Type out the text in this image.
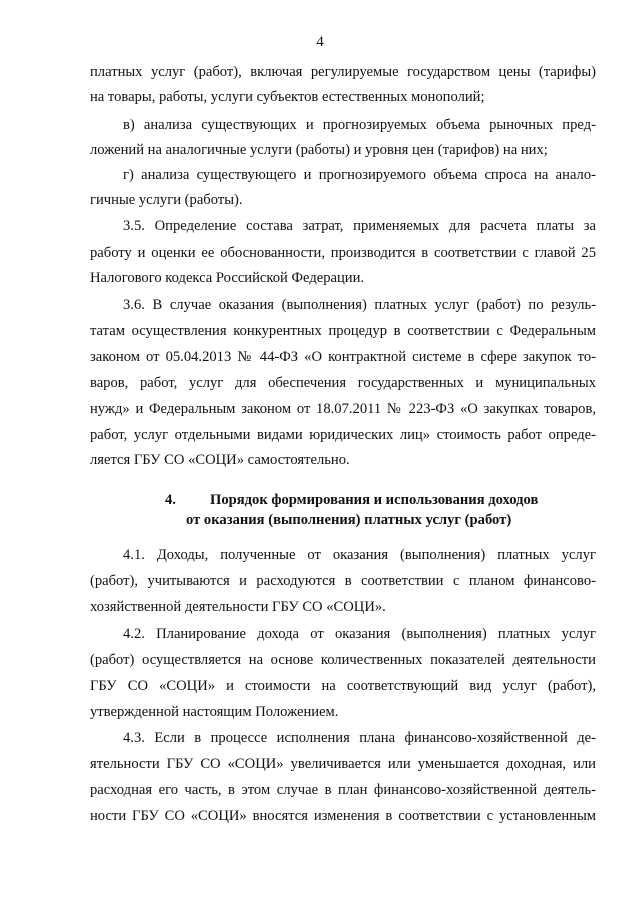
4
платных услуг (работ), включая регулируемые государством цены (тарифы)
на товары, работы, услуги субъектов естественных монополий;
в) анализа существующих и прогнозируемых объема рыночных пред-
ложений на аналогичные услуги (работы) и уровня цен (тарифов) на них;
г) анализа существующего и прогнозируемого объема спроса на анало-
гичные услуги (работы).
3.5. Определение состава затрат, применяемых для расчета платы за
работу и оценки ее обоснованности, производится в соответствии с главой 25
Налогового кодекса Российской Федерации.
3.6. В случае оказания (выполнения) платных услуг (работ) по резуль-
татам осуществления конкурентных процедур в соответствии с Федеральным
законом от 05.04.2013 № 44-ФЗ «О контрактной системе в сфере закупок то-
варов, работ, услуг для обеспечения государственных и муниципальных
нужд» и Федеральным законом от 18.07.2011 № 223-ФЗ «О закупках товаров,
работ, услуг отдельными видами юридических лиц» стоимость работ опреде-
ляется ГБУ СО «СОЦИ» самостоятельно.
4. Порядок формирования и использования доходов
от оказания (выполнения) платных услуг (работ)
4.1. Доходы, полученные от оказания (выполнения) платных услуг
(работ), учитываются и расходуются в соответствии с планом финансово-
хозяйственной деятельности ГБУ СО «СОЦИ».
4.2. Планирование дохода от оказания (выполнения) платных услуг
(работ) осуществляется на основе количественных показателей деятельности
ГБУ СО «СОЦИ» и стоимости на соответствующий вид услуг (работ),
утвержденной настоящим Положением.
4.3. Если в процессе исполнения плана финансово-хозяйственной де-
ятельности ГБУ СО «СОЦИ» увеличивается или уменьшается доходная, или
расходная его часть, в этом случае в план финансово-хозяйственной деятель-
ности ГБУ СО «СОЦИ» вносятся изменения в соответствии с установленным
